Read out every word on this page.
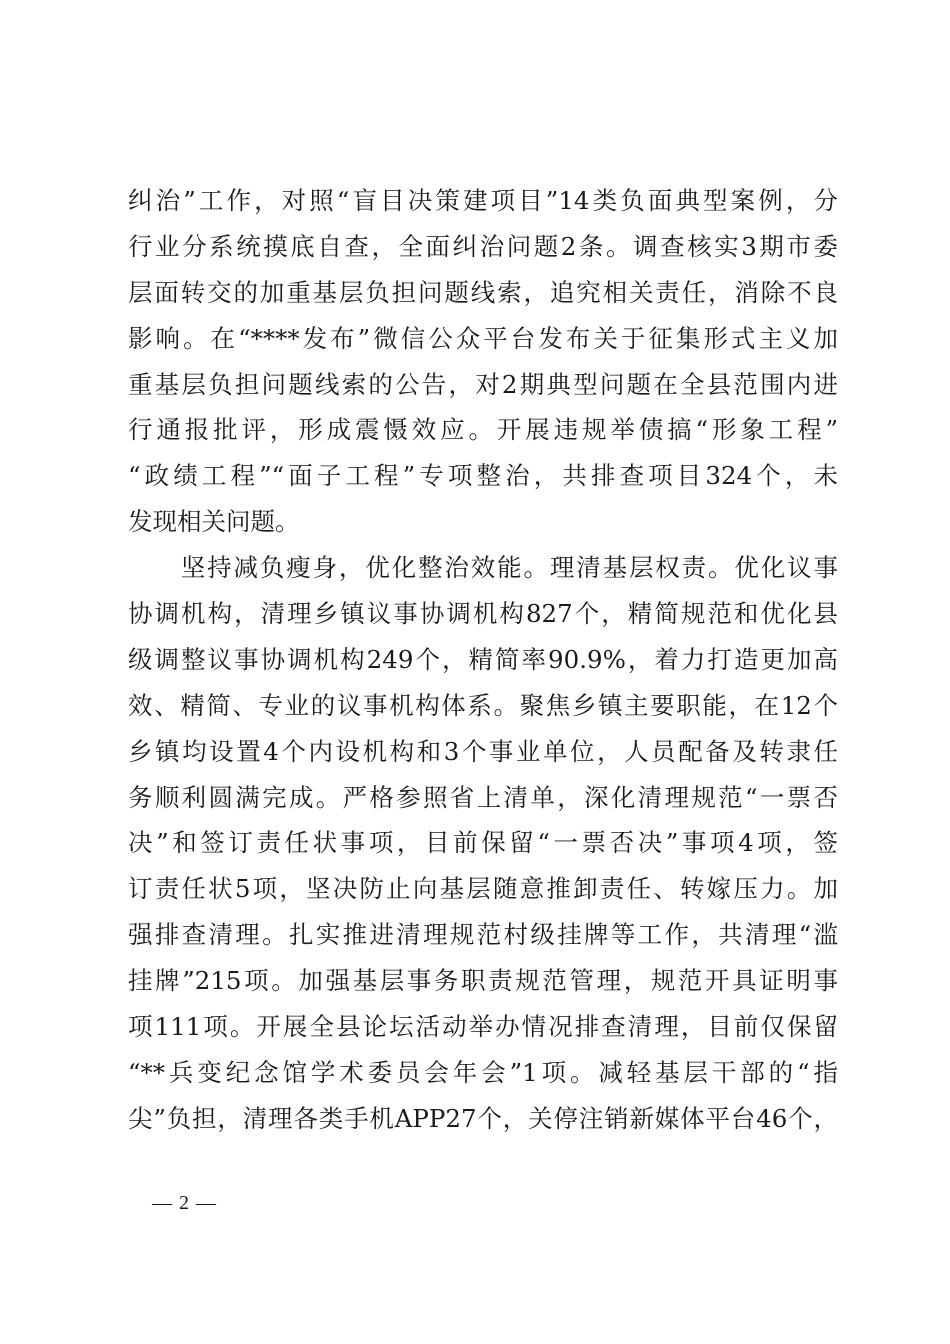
纠治”工作，对照“盲目决策建项目”14类负面典型案例，分
行业分系统摸底自查，全面纠治问题2条。调查核实3期市委
层面转交的加重基层负担问题线索，追究相关责任，消除不良
影响。在“****发布”微信公众平台发布关于征集形式主义加
重基层负担问题线索的公告，对2期典型问题在全县范围内进
行通报批评，形成震慑效应。开展违规举债搞“形象工程”
“政绩工程”“面子工程”专项整治，共排查项目324个，未
发现相关问题。
　　坚持减负瘦身，优化整治效能。理清基层权责。优化议事
协调机构，清理乡镇议事协调机构827个，精简规范和优化县
级调整议事协调机构249个，精简率90.9%，着力打造更加高
效、精简、专业的议事机构体系。聚焦乡镇主要职能，在12个
乡镇均设置4个内设机构和3个事业单位，人员配备及转隶任
务顺利圆满完成。严格参照省上清单，深化清理规范“一票否
决”和签订责任状事项，目前保留“一票否决”事项4项，签
订责任状5项，坚决防止向基层随意推卸责任、转嫁压力。加
强排查清理。扎实推进清理规范村级挂牌等工作，共清理“滥
挂牌”215项。加强基层事务职责规范管理，规范开具证明事
项111项。开展全县论坛活动举办情况排查清理，目前仅保留
“**兵变纪念馆学术委员会年会”1项。减轻基层干部的“指
尖”负担，清理各类手机APP27个，关停注销新媒体平台46个，
— 2 —
